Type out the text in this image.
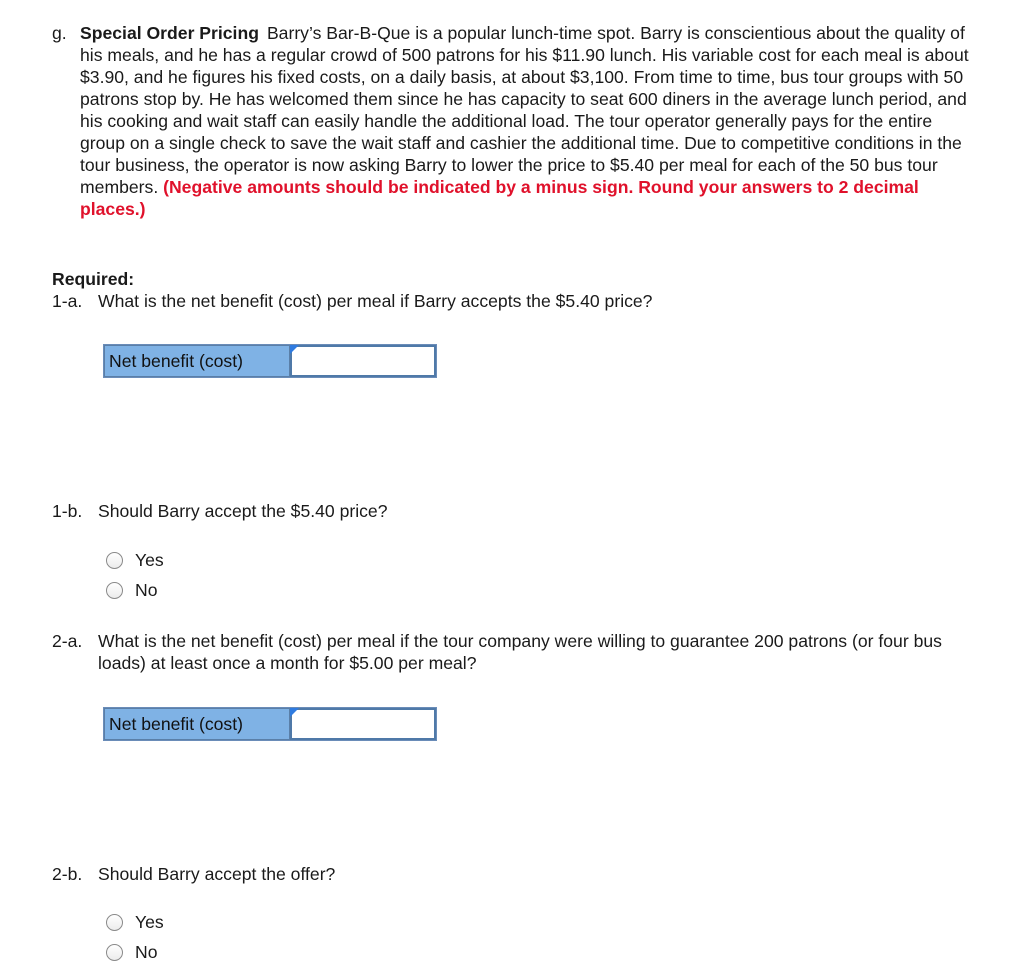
g. Special Order Pricing Barry’s Bar-B-Que is a popular lunch-time spot. Barry is conscientious about the quality of his meals, and he has a regular crowd of 500 patrons for his $11.90 lunch. His variable cost for each meal is about $3.90, and he figures his fixed costs, on a daily basis, at about $3,100. From time to time, bus tour groups with 50 patrons stop by. He has welcomed them since he has capacity to seat 600 diners in the average lunch period, and his cooking and wait staff can easily handle the additional load. The tour operator generally pays for the entire group on a single check to save the wait staff and cashier the additional time. Due to competitive conditions in the tour business, the operator is now asking Barry to lower the price to $5.40 per meal for each of the 50 bus tour members. (Negative amounts should be indicated by a minus sign. Round your answers to 2 decimal places.)
Required:
1-a. What is the net benefit (cost) per meal if Barry accepts the $5.40 price?
Net benefit (cost)
1-b. Should Barry accept the $5.40 price?
Yes
No
2-a. What is the net benefit (cost) per meal if the tour company were willing to guarantee 200 patrons (or four bus loads) at least once a month for $5.00 per meal?
Net benefit (cost)
2-b. Should Barry accept the offer?
Yes
No
